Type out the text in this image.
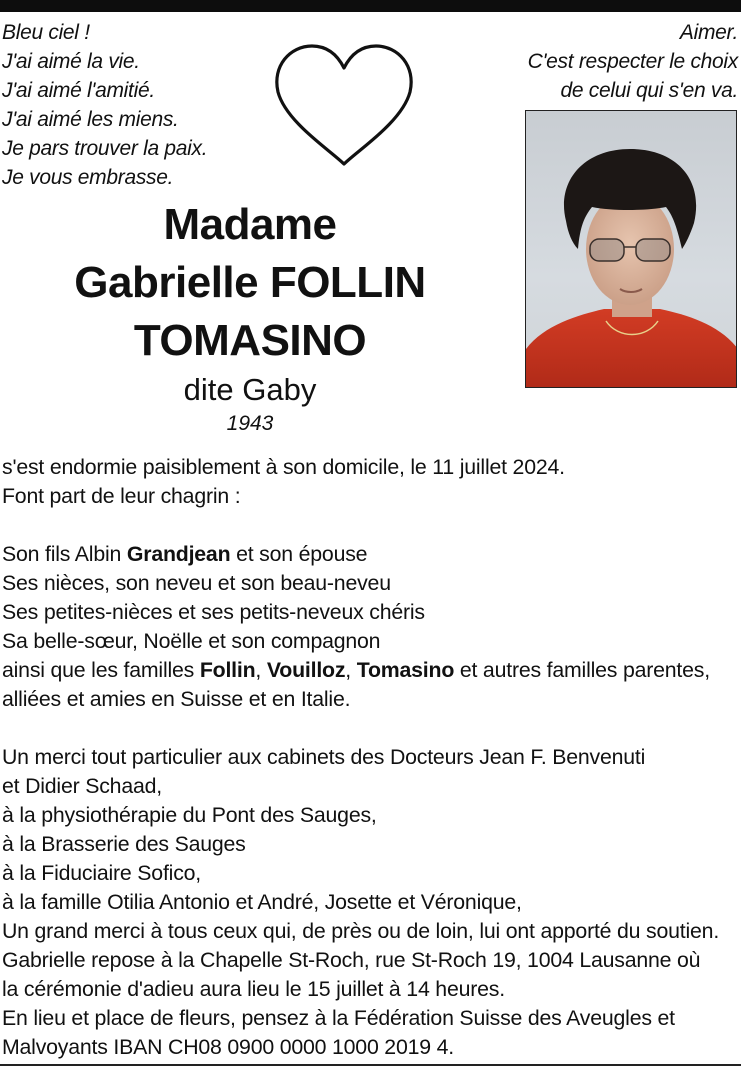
Bleu ciel !
J'ai aimé la vie.
J'ai aimé l'amitié.
J'ai aimé les miens.
Je pars trouver la paix.
Je vous embrasse.
Aimer.
C'est respecter le choix
de celui qui s'en va.
Madame
Gabrielle FOLLIN
TOMASINO
dite Gaby
1943
s'est endormie paisiblement à son domicile, le 11 juillet 2024.
Font part de leur chagrin :
Son fils Albin Grandjean et son épouse
Ses nièces, son neveu et son beau-neveu
Ses petites-nièces et ses petits-neveux chéris
Sa belle-sœur, Noëlle et son compagnon
ainsi que les familles Follin, Vouilloz, Tomasino et autres familles parentes,
alliées et amies en Suisse et en Italie.
Un merci tout particulier aux cabinets des Docteurs Jean F. Benvenuti
et Didier Schaad,
à la physiothérapie du Pont des Sauges,
à la Brasserie des Sauges
à la Fiduciaire Sofico,
à la famille Otilia Antonio et André, Josette et Véronique,
Un grand merci à tous ceux qui, de près ou de loin, lui ont apporté du soutien.
Gabrielle repose à la Chapelle St-Roch, rue St-Roch 19, 1004 Lausanne où
la cérémonie d'adieu aura lieu le 15 juillet à 14 heures.
En lieu et place de fleurs, pensez à la Fédération Suisse des Aveugles et
Malvoyants IBAN CH08 0900 0000 1000 2019 4.
